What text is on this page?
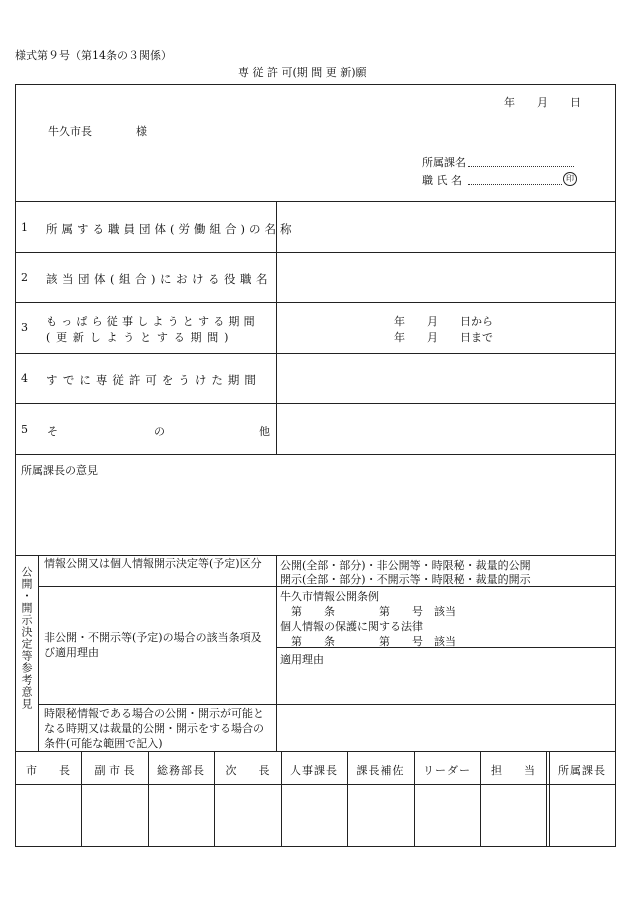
様式第９号（第14条の３関係）
専 従 許 可(期 間 更 新)願
年　　月　　日
牛久市長　　　　様
所属課名
職 氏 名	印
1 所属する職員団体(労働組合)の名称
2 該当団体(組合)における役職名
3 もっぱら従事しようとする期間
(更新しようとする期間)
年　　月　　日から
年　　月　　日まで
4 すでに専従許可をうけた期間
5 そ	の	他
所属課長の意見
公開・開示決定等参考意見
情報公開又は個人情報開示決定等(予定)区分	公開(全部・部分)・非公開等・時限秘・裁量的公開
開示(全部・部分)・不開示等・時限秘・裁量的開示
非公開・不開示等(予定)の場合の該当条項及び適用理由
牛久市情報公開条例
第　　条　　　　第　　号　該当
個人情報の保護に関する法律
第　　条　　　　第　　号　該当
適用理由
時限秘情報である場合の公開・開示が可能となる時期又は裁量的公開・開示をする場合の条件(可能な範囲で記入)
市　　長	副 市 長	総務部長	次　　長	人事課長	課長補佐	リーダー	担　　当	所属課長
